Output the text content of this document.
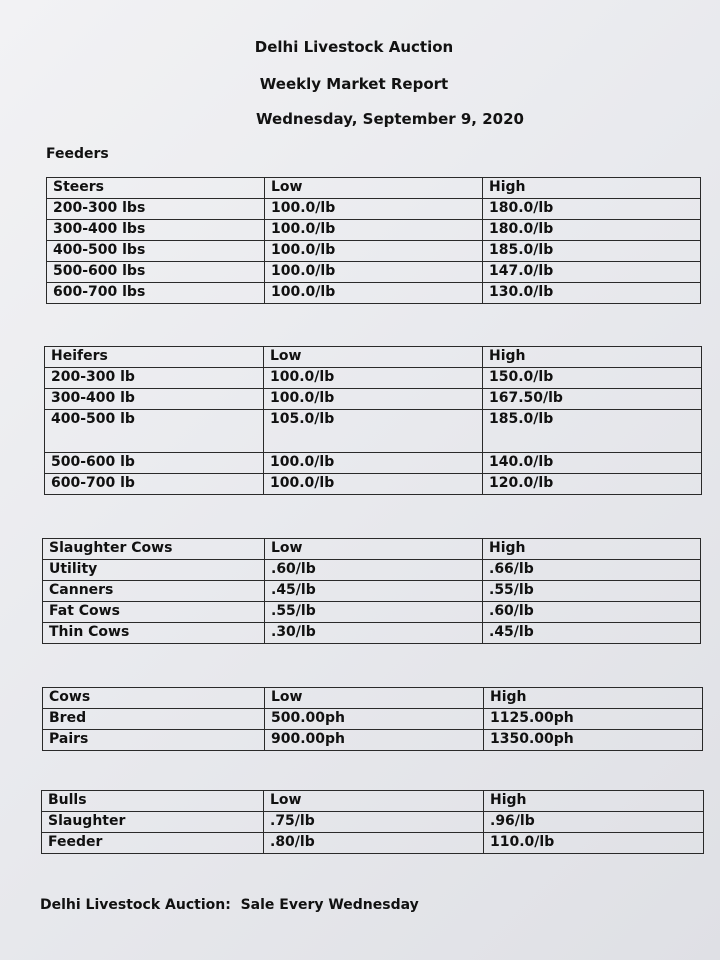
Delhi Livestock Auction
Weekly Market Report
Wednesday, September 9, 2020
Feeders
Steers	Low	High
200-300 lbs	100.0/lb	180.0/lb
300-400 lbs	100.0/lb	180.0/lb
400-500 lbs	100.0/lb	185.0/lb
500-600 lbs	100.0/lb	147.0/lb
600-700 lbs	100.0/lb	130.0/lb
Heifers	Low	High
200-300 lb	100.0/lb	150.0/lb
300-400 lb	100.0/lb	167.50/lb
400-500 lb	105.0/lb	185.0/lb
500-600 lb	100.0/lb	140.0/lb
600-700 lb	100.0/lb	120.0/lb
Slaughter Cows	Low	High
Utility	.60/lb	.66/lb
Canners	.45/lb	.55/lb
Fat Cows	.55/lb	.60/lb
Thin Cows	.30/lb	.45/lb
Cows	Low	High
Bred	500.00ph	1125.00ph
Pairs	900.00ph	1350.00ph
Bulls	Low	High
Slaughter	.75/lb	.96/lb
Feeder	.80/lb	110.0/lb
Delhi Livestock Auction: Sale Every Wednesday
